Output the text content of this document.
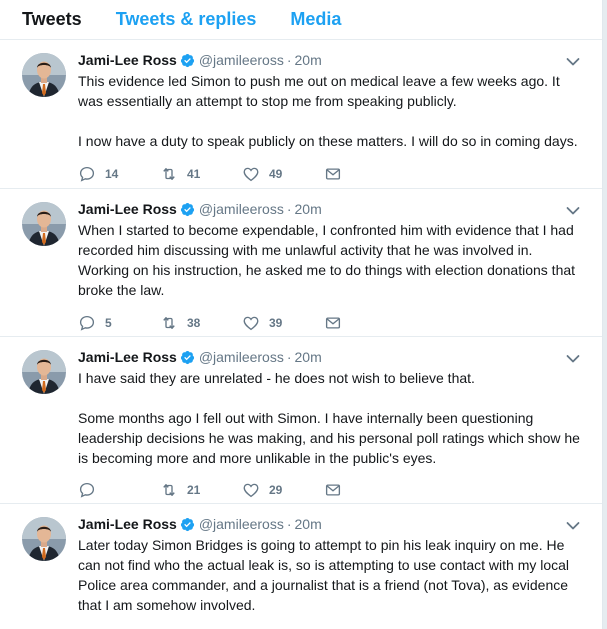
Tweets Tweets & replies Media
Jami-Lee Ross @jamileeross · 20m

This evidence led Simon to push me out on medical leave a few weeks ago. It was essentially an attempt to stop me from speaking publicly.

I now have a duty to speak publicly on these matters. I will do so in coming days.

14	41	49
Jami-Lee Ross @jamileeross · 20m

When I started to become expendable, I confronted him with evidence that I had recorded him discussing with me unlawful activity that he was involved in. Working on his instruction, he asked me to do things with election donations that broke the law.

5	38	39
Jami-Lee Ross @jamileeross · 20m

I have said they are unrelated - he does not wish to believe that.

Some months ago I fell out with Simon. I have internally been questioning leadership decisions he was making, and his personal poll ratings which show he is becoming more and more unlikable in the public's eyes.

21	29
Jami-Lee Ross @jamileeross · 20m

Later today Simon Bridges is going to attempt to pin his leak inquiry on me. He can not find who the actual leak is, so is attempting to use contact with my local Police area commander, and a journalist that is a friend (not Tova), as evidence that I am somehow involved.
